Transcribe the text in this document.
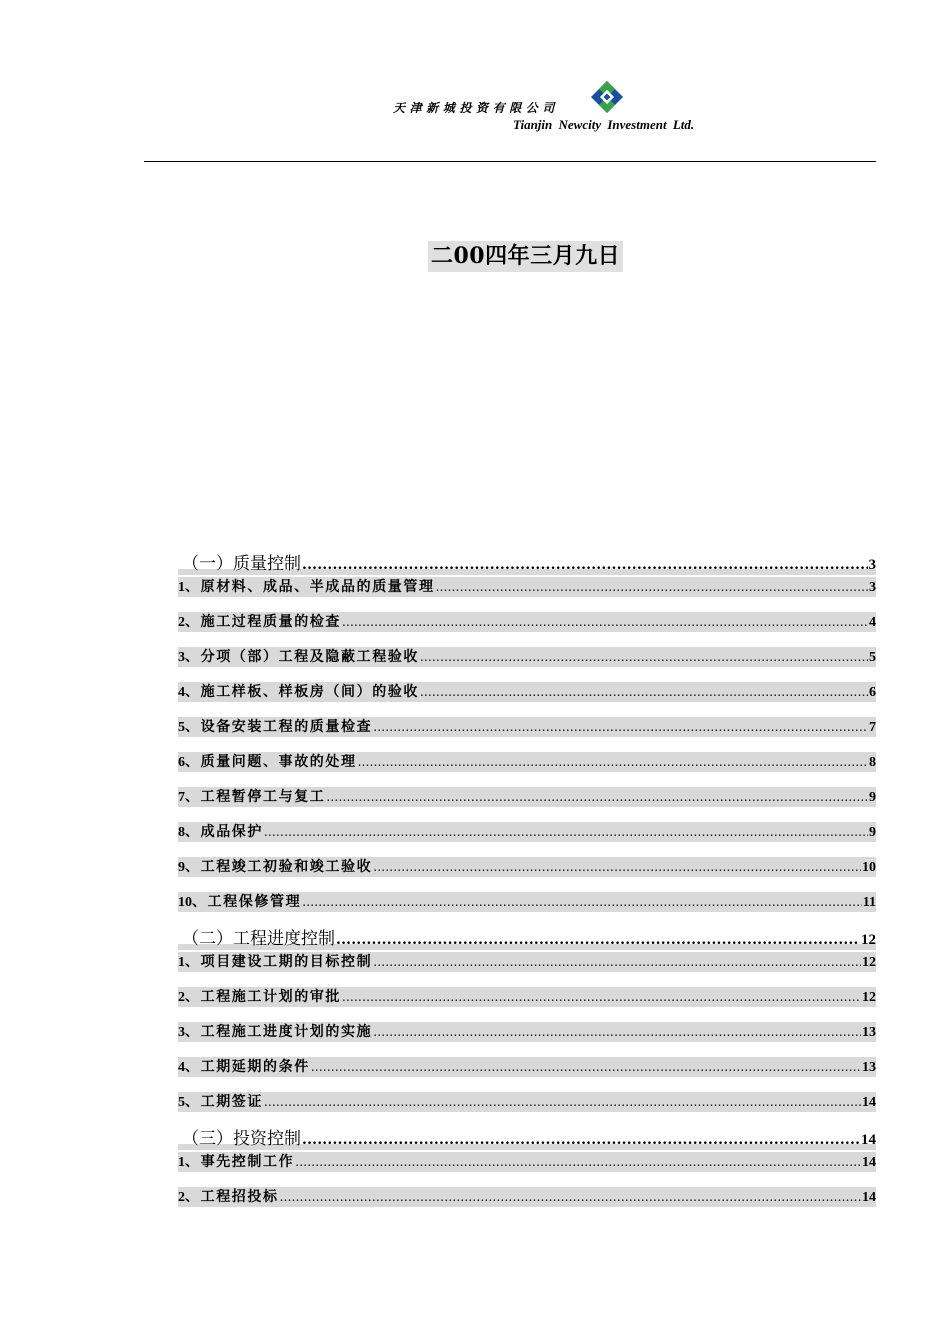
天津新城投资有限公司
Tianjin Newcity Investment Ltd.
二00四年三月九日
（一）质量控制 .....	3
1、原材料、成品、半成品的质量管理 .....	3
2、施工过程质量的检查 .....	4
3、分项（部）工程及隐蔽工程验收 .....	5
4、施工样板、样板房（间）的验收 .....	6
5、设备安装工程的质量检查 .....	7
6、质量问题、事故的处理 .....	8
7、工程暂停工与复工 .....	9
8、成品保护 .....	9
9、工程竣工初验和竣工验收 .....	10
10、工程保修管理 .....	11
（二）工程进度控制 .....	12
1、项目建设工期的目标控制 .....	12
2、工程施工计划的审批 .....	12
3、工程施工进度计划的实施 .....	13
4、工期延期的条件 .....	13
5、工期签证 .....	14
（三）投资控制 .....	14
1、事先控制工作 .....	14
2、工程招投标 .....	14
